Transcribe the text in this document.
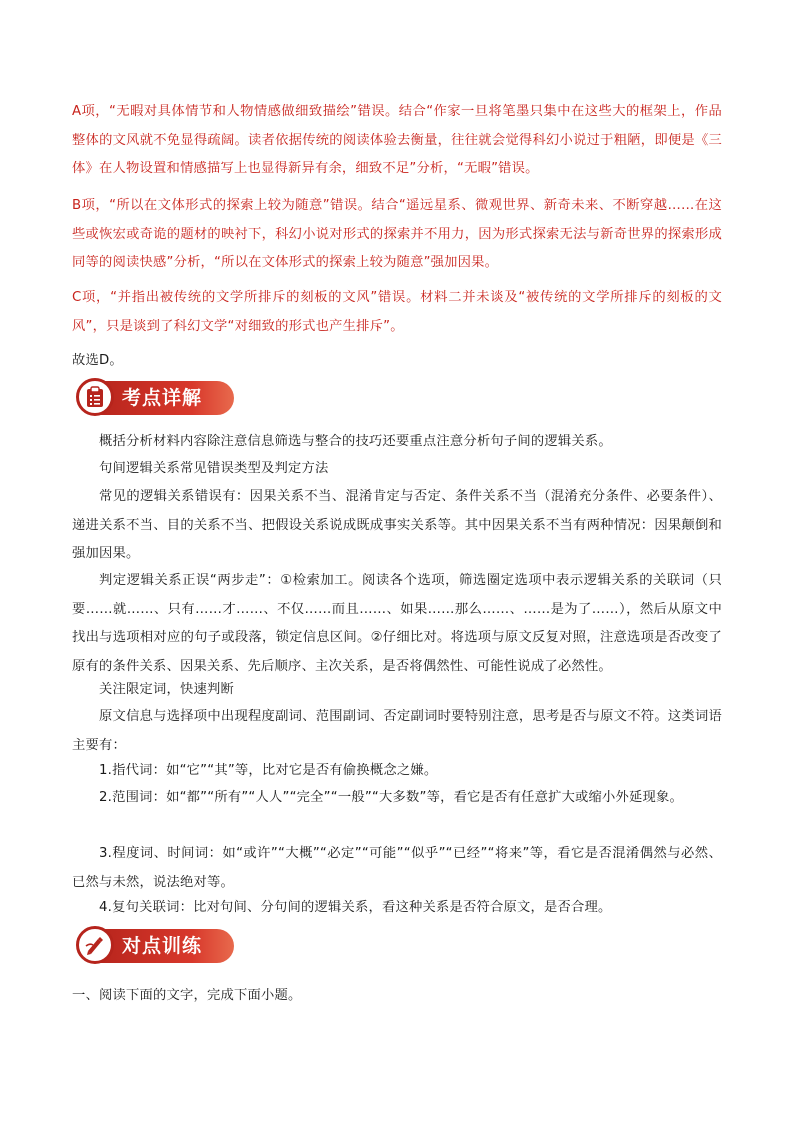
A项，“无暇对具体情节和人物情感做细致描绘”错误。结合“作家一旦将笔墨只集中在这些大的框架上，作品整体的文风就不免显得疏阔。读者依据传统的阅读体验去衡量，往往就会觉得科幻小说过于粗陋，即便是《三体》在人物设置和情感描写上也显得新异有余，细致不足”分析，“无暇”错误。

B项，“所以在文体形式的探索上较为随意”错误。结合“遥远星系、微观世界、新奇未来、不断穿越……在这些或恢宏或奇诡的题材的映衬下，科幻小说对形式的探索并不用力，因为形式探索无法与新奇世界的探索形成同等的阅读快感”分析，“所以在文体形式的探索上较为随意”强加因果。

C项，“并指出被传统的文学所排斥的刻板的文风”错误。材料二并未谈及“被传统的文学所排斥的刻板的文风”，只是谈到了科幻文学“对细致的形式也产生排斥”。

故选D。

考点详解

概括分析材料内容除注意信息筛选与整合的技巧还要重点注意分析句子间的逻辑关系。

句间逻辑关系常见错误类型及判定方法

常见的逻辑关系错误有：因果关系不当、混淆肯定与否定、条件关系不当（混淆充分条件、必要条件）、递进关系不当、目的关系不当、把假设关系说成既成事实关系等。其中因果关系不当有两种情况：因果颠倒和强加因果。

判定逻辑关系正误“两步走”：①检索加工。阅读各个选项，筛选圈定选项中表示逻辑关系的关联词（只要……就……、只有……才……、不仅……而且……、如果……那么……、……是为了……），然后从原文中找出与选项相对应的句子或段落，锁定信息区间。②仔细比对。将选项与原文反复对照，注意选项是否改变了原有的条件关系、因果关系、先后顺序、主次关系，是否将偶然性、可能性说成了必然性。

关注限定词，快速判断

原文信息与选择项中出现程度副词、范围副词、否定副词时要特别注意，思考是否与原文不符。这类词语主要有：

1.指代词：如“它”“其”等，比对它是否有偷换概念之嫌。

2.范围词：如“都”“所有”“人人”“完全”“一般”“大多数”等，看它是否有任意扩大或缩小外延现象。

3.程度词、时间词：如“或许”“大概”“必定”“可能”“似乎”“已经”“将来”等，看它是否混淆偶然与必然、已然与未然，说法绝对等。

4.复句关联词：比对句间、分句间的逻辑关系，看这种关系是否符合原文，是否合理。

对点训练

一、阅读下面的文字，完成下面小题。
